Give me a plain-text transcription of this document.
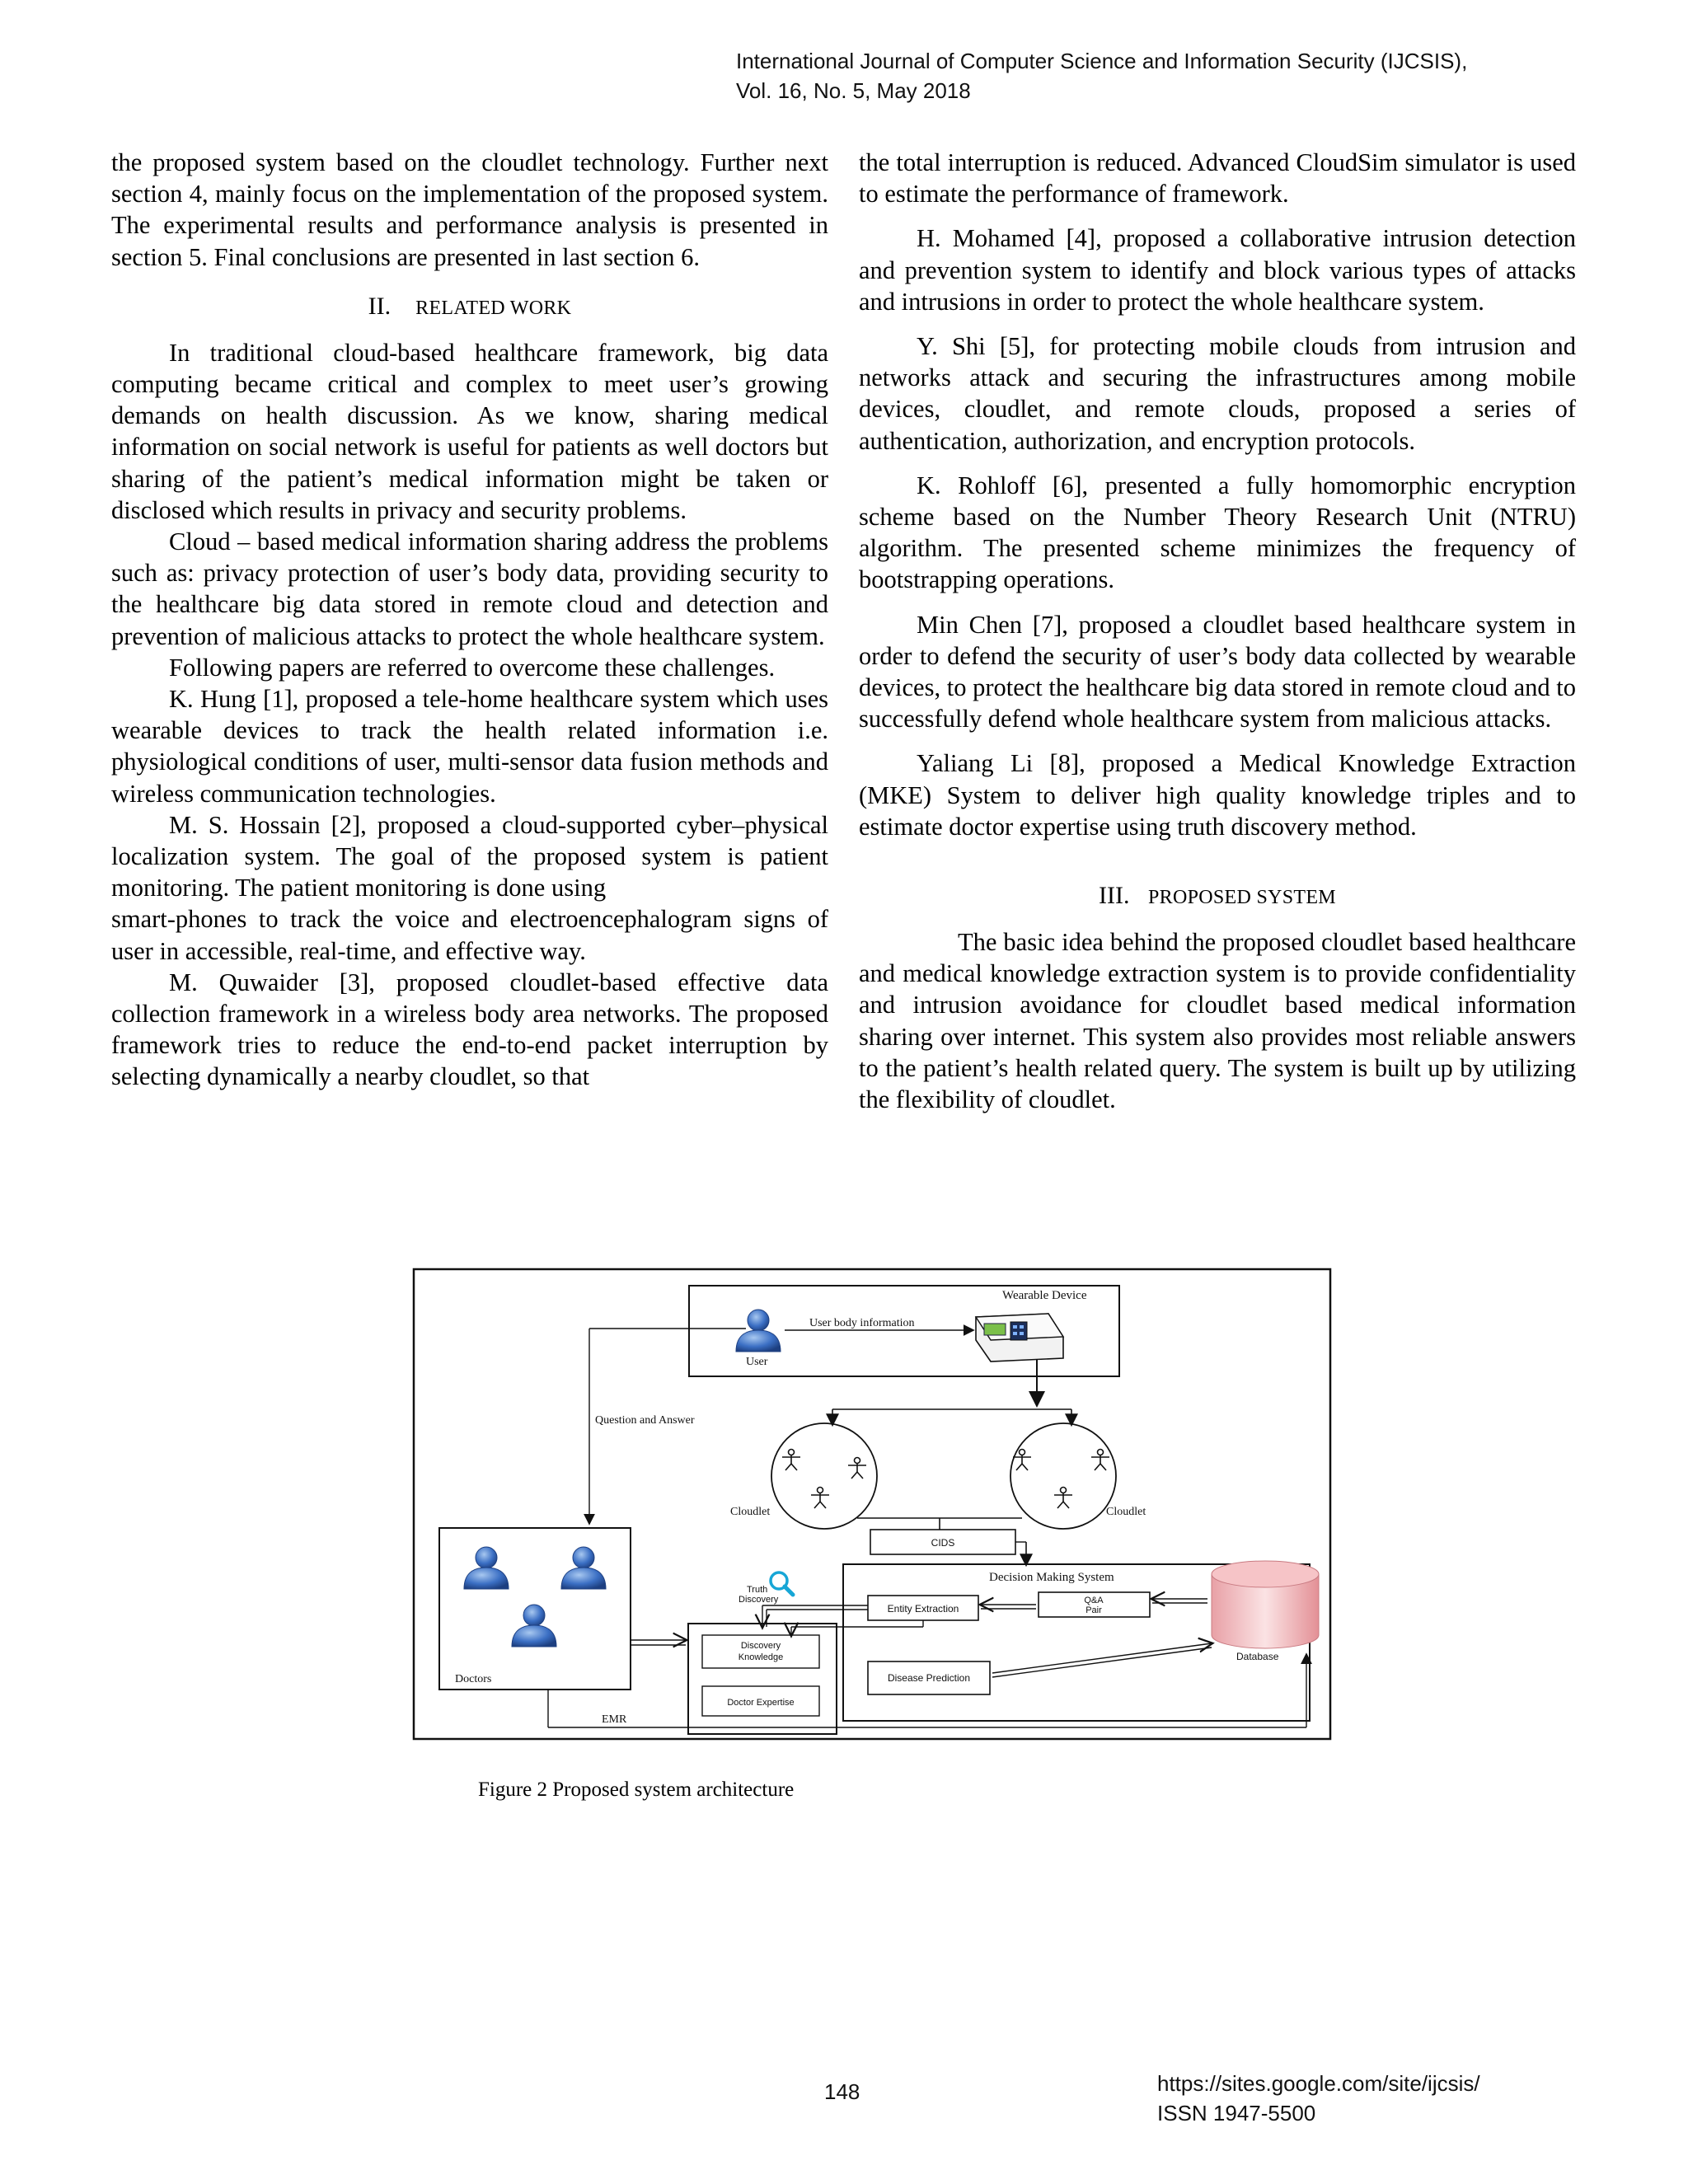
International Journal of Computer Science and Information Security (IJCSIS),
Vol. 16, No. 5, May 2018

the proposed system based on the cloudlet technology. Further next section 4, mainly focus on the implementation of the proposed system. The experimental results and performance analysis is presented in section 5. Final conclusions are presented in last section 6.

II. RELATED WORK

In traditional cloud-based healthcare framework, big data computing became critical and complex to meet user’s growing demands on health discussion. As we know, sharing medical information on social network is useful for patients as well doctors but sharing of the patient’s medical information might be taken or disclosed which results in privacy and security problems.

Cloud – based medical information sharing address the problems such as: privacy protection of user’s body data, providing security to the healthcare big data stored in remote cloud and detection and prevention of malicious attacks to protect the whole healthcare system.

Following papers are referred to overcome these challenges.

K. Hung [1], proposed a tele-home healthcare system which uses wearable devices to track the health related information i.e. physiological conditions of user, multi-sensor data fusion methods and wireless communication technologies.

M. S. Hossain [2], proposed a cloud-supported cyber–physical localization system. The goal of the proposed system is patient monitoring. The patient monitoring is done using

smart-phones to track the voice and electroencephalogram signs of user in accessible, real-time, and effective way.

M. Quwaider [3], proposed cloudlet-based effective data collection framework in a wireless body area networks. The proposed framework tries to reduce the end-to-end packet interruption by selecting dynamically a nearby cloudlet, so that

the total interruption is reduced. Advanced CloudSim simulator is used to estimate the performance of framework.

H. Mohamed [4], proposed a collaborative intrusion detection and prevention system to identify and block various types of attacks and intrusions in order to protect the whole healthcare system.

Y. Shi [5], for protecting mobile clouds from intrusion and networks attack and securing the infrastructures among mobile devices, cloudlet, and remote clouds, proposed a series of authentication, authorization, and encryption protocols.

K. Rohloff [6], presented a fully homomorphic encryption scheme based on the Number Theory Research Unit (NTRU) algorithm. The presented scheme minimizes the frequency of bootstrapping operations.

Min Chen [7], proposed a cloudlet based healthcare system in order to defend the security of user’s body data collected by wearable devices, to protect the healthcare big data stored in remote cloud and to successfully defend whole healthcare system from malicious attacks.

Yaliang Li [8], proposed a Medical Knowledge Extraction (MKE) System to deliver high quality knowledge triples and to estimate doctor expertise using truth discovery method.

III. PROPOSED SYSTEM

The basic idea behind the proposed cloudlet based healthcare and medical knowledge extraction system is to provide confidentiality and intrusion avoidance for cloudlet based medical information sharing over internet. This system also provides most reliable answers to the patient’s health related query. The system is built up by utilizing the flexibility of cloudlet.

Wearable Device
User
User body information
Question and Answer
Cloudlet	Cloudlet
CIDS
Decision Making System
Entity Extraction
Q&A
Pair
Database
Disease Prediction
Truth
Discovery
Discovery
Knowledge
Doctor Expertise
Doctors
EMR
Figure 2 Proposed system architecture
148	https://sites.google.com/site/ijcsis/
ISSN 1947-5500
